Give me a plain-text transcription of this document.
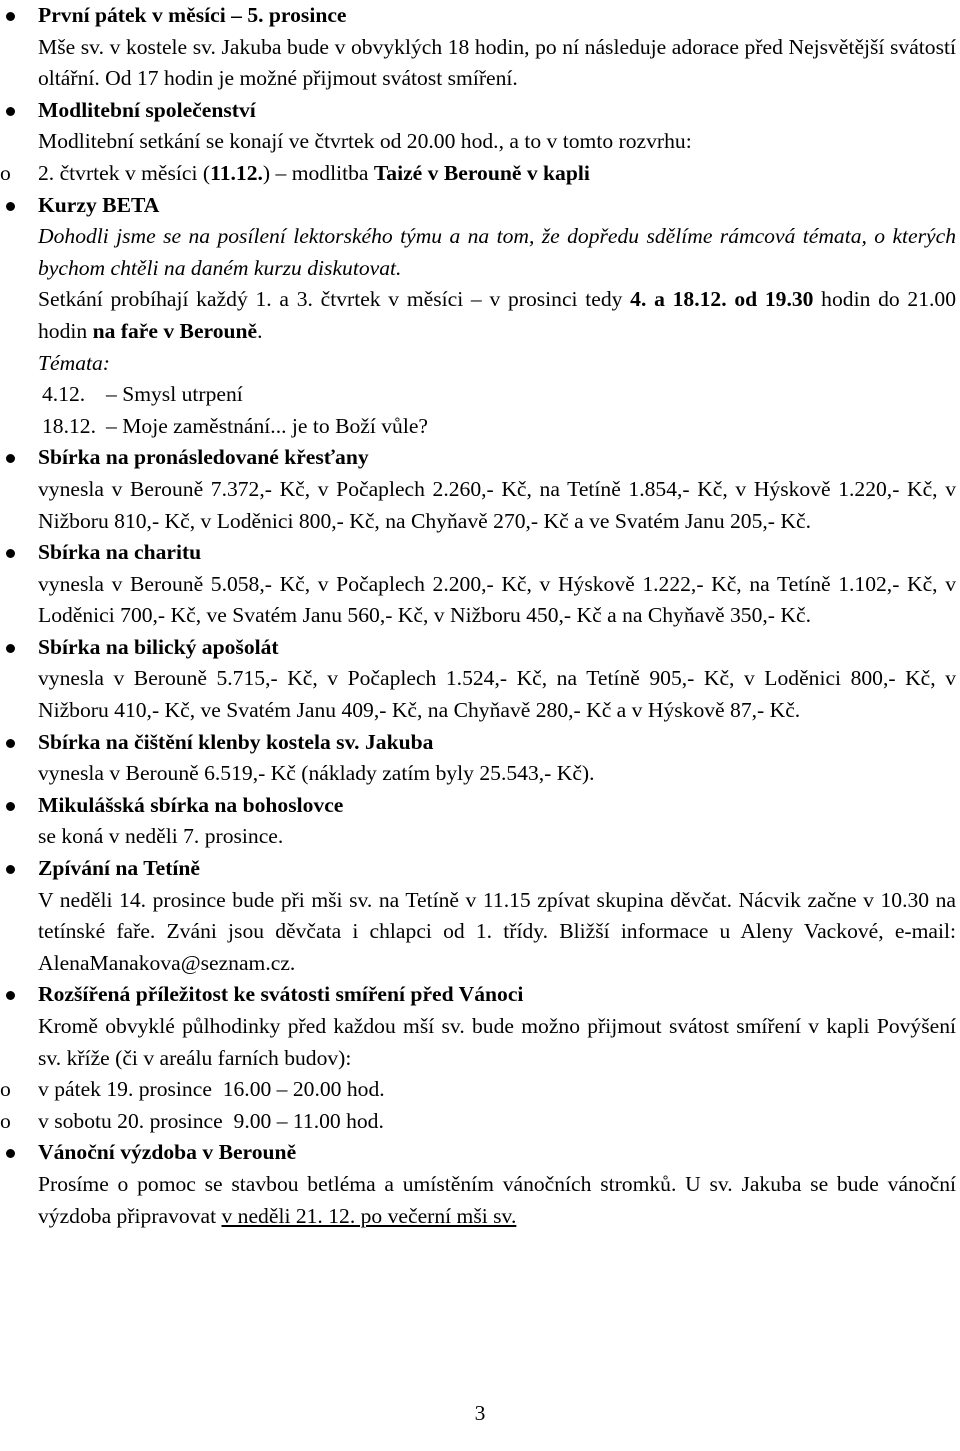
První pátek v měsíci – 5. prosince
Mše sv. v kostele sv. Jakuba bude v obvyklých 18 hodin, po ní následuje adorace před Nejsvětější svátostí oltářní. Od 17 hodin je možné přijmout svátost smíření.
Modlitební společenství
Modlitební setkání se konají ve čtvrtek od 20.00 hod., a to v tomto rozvrhu:
o 2. čtvrtek v měsíci (11.12.) – modlitba Taizé v Berouně v kapli
Kurzy BETA
Dohodli jsme se na posílení lektorského týmu a na tom, že dopředu sdělíme rámcová témata, o kterých bychom chtěli na daném kurzu diskutovat.
Setkání probíhají každý 1. a 3. čtvrtek v měsíci – v prosinci tedy 4. a 18.12. od 19.30 hodin do 21.00 hodin na faře v Berouně.
Témata:
4.12. – Smysl utrpení
18.12. – Moje zaměstnání... je to Boží vůle?
Sbírka na pronásledované křesťany
vynesla v Berouně 7.372,- Kč, v Počaplech 2.260,- Kč, na Tetíně 1.854,- Kč, v Hýskově 1.220,- Kč, v Nižboru 810,- Kč, v Loděnici 800,- Kč, na Chyňavě 270,- Kč a ve Svatém Janu 205,- Kč.
Sbírka na charitu
vynesla v Berouně 5.058,- Kč, v Počaplech 2.200,- Kč, v Hýskově 1.222,- Kč, na Tetíně 1.102,- Kč, v Loděnici 700,- Kč, ve Svatém Janu 560,- Kč, v Nižboru 450,- Kč a na Chyňavě 350,- Kč.
Sbírka na bilický apošolát
vynesla v Berouně 5.715,- Kč, v Počaplech 1.524,- Kč, na Tetíně 905,- Kč, v Loděnici 800,- Kč, v Nižboru 410,- Kč, ve Svatém Janu 409,- Kč, na Chyňavě 280,- Kč a v Hýskově 87,- Kč.
Sbírka na čištění klenby kostela sv. Jakuba
vynesla v Berouně 6.519,- Kč (náklady zatím byly 25.543,- Kč).
Mikulášská sbírka na bohoslovce
se koná v neděli 7. prosince.
Zpívání na Tetíně
V neděli 14. prosince bude při mši sv. na Tetíně v 11.15 zpívat skupina děvčat. Nácvik začne v 10.30 na tetínské faře. Zváni jsou děvčata i chlapci od 1. třídy. Bližší informace u Aleny Vackové, e-mail: AlenaManakova@seznam.cz.
Rozšířená příležitost ke svátosti smíření před Vánoci
Kromě obvyklé půlhodinky před každou mší sv. bude možno přijmout svátost smíření v kapli Povýšení sv. kříže (či v areálu farních budov):
o v pátek 19. prosince  16.00 – 20.00 hod.
o v sobotu 20. prosince  9.00 – 11.00 hod.
Vánoční výzdoba v Berouně
Prosíme o pomoc se stavbou betléma a umístěním vánočních stromků. U sv. Jakuba se bude vánoční výzdoba připravovat v neděli 21. 12. po večerní mši sv.
3
